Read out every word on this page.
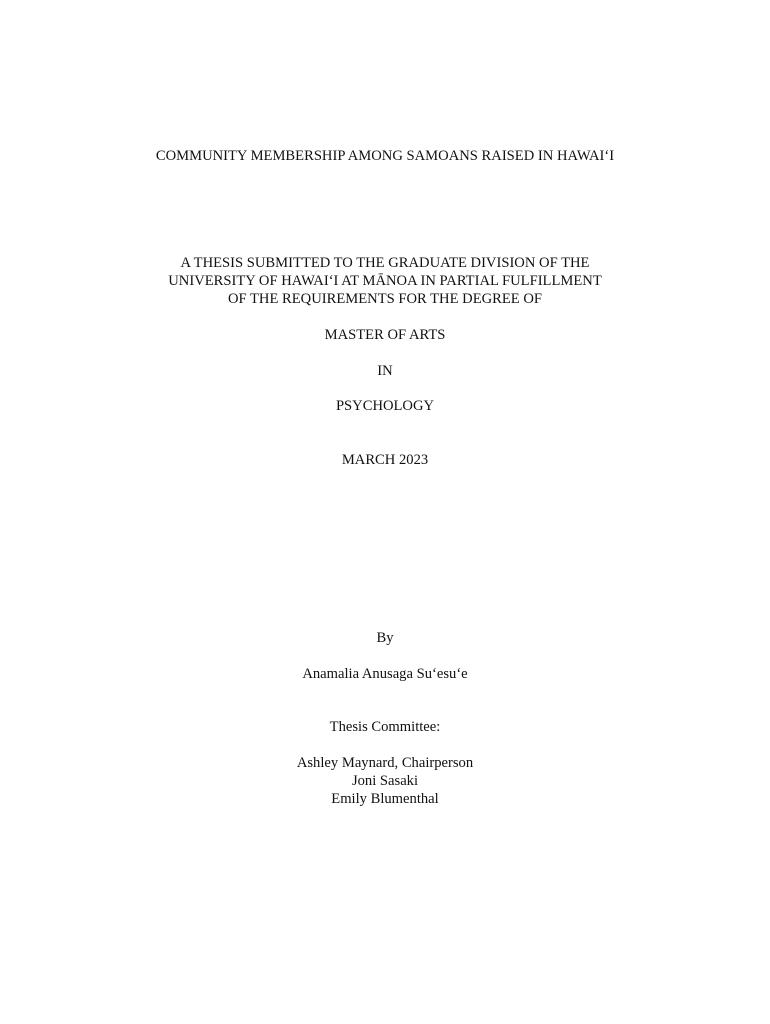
COMMUNITY MEMBERSHIP AMONG SAMOANS RAISED IN HAWAIʻI
A THESIS SUBMITTED TO THE GRADUATE DIVISION OF THE
UNIVERSITY OF HAWAIʻI AT MĀNOA IN PARTIAL FULFILLMENT
OF THE REQUIREMENTS FOR THE DEGREE OF
MASTER OF ARTS
IN
PSYCHOLOGY
MARCH 2023
By
Anamalia Anusaga Suʻesuʻe
Thesis Committee:
Ashley Maynard, Chairperson
Joni Sasaki
Emily Blumenthal
